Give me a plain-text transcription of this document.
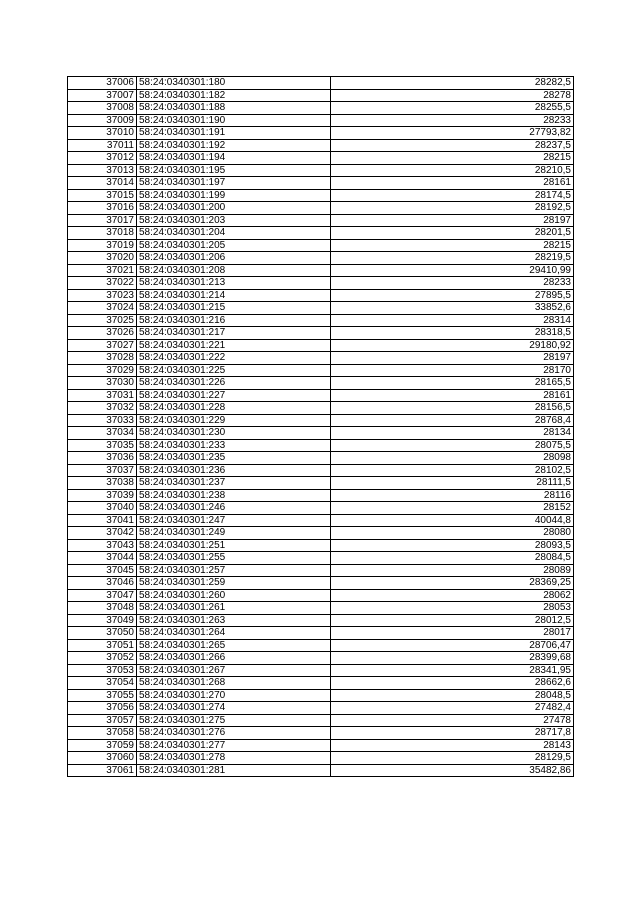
37006	58:24:0340301:180	28282,5
37007	58:24:0340301:182	28278
37008	58:24:0340301:188	28255,5
37009	58:24:0340301:190	28233
37010	58:24:0340301:191	27793,82
37011	58:24:0340301:192	28237,5
37012	58:24:0340301:194	28215
37013	58:24:0340301:195	28210,5
37014	58:24:0340301:197	28161
37015	58:24:0340301:199	28174,5
37016	58:24:0340301:200	28192,5
37017	58:24:0340301:203	28197
37018	58:24:0340301:204	28201,5
37019	58:24:0340301:205	28215
37020	58:24:0340301:206	28219,5
37021	58:24:0340301:208	29410,99
37022	58:24:0340301:213	28233
37023	58:24:0340301:214	27895,5
37024	58:24:0340301:215	33852,6
37025	58:24:0340301:216	28314
37026	58:24:0340301:217	28318,5
37027	58:24:0340301:221	29180,92
37028	58:24:0340301:222	28197
37029	58:24:0340301:225	28170
37030	58:24:0340301:226	28165,5
37031	58:24:0340301:227	28161
37032	58:24:0340301:228	28156,5
37033	58:24:0340301:229	28768,4
37034	58:24:0340301:230	28134
37035	58:24:0340301:233	28075,5
37036	58:24:0340301:235	28098
37037	58:24:0340301:236	28102,5
37038	58:24:0340301:237	28111,5
37039	58:24:0340301:238	28116
37040	58:24:0340301:246	28152
37041	58:24:0340301:247	40044,8
37042	58:24:0340301:249	28080
37043	58:24:0340301:251	28093,5
37044	58:24:0340301:255	28084,5
37045	58:24:0340301:257	28089
37046	58:24:0340301:259	28369,25
37047	58:24:0340301:260	28062
37048	58:24:0340301:261	28053
37049	58:24:0340301:263	28012,5
37050	58:24:0340301:264	28017
37051	58:24:0340301:265	28706,47
37052	58:24:0340301:266	28399,68
37053	58:24:0340301:267	28341,95
37054	58:24:0340301:268	28662,6
37055	58:24:0340301:270	28048,5
37056	58:24:0340301:274	27482,4
37057	58:24:0340301:275	27478
37058	58:24:0340301:276	28717,8
37059	58:24:0340301:277	28143
37060	58:24:0340301:278	28129,5
37061	58:24:0340301:281	35482,86
